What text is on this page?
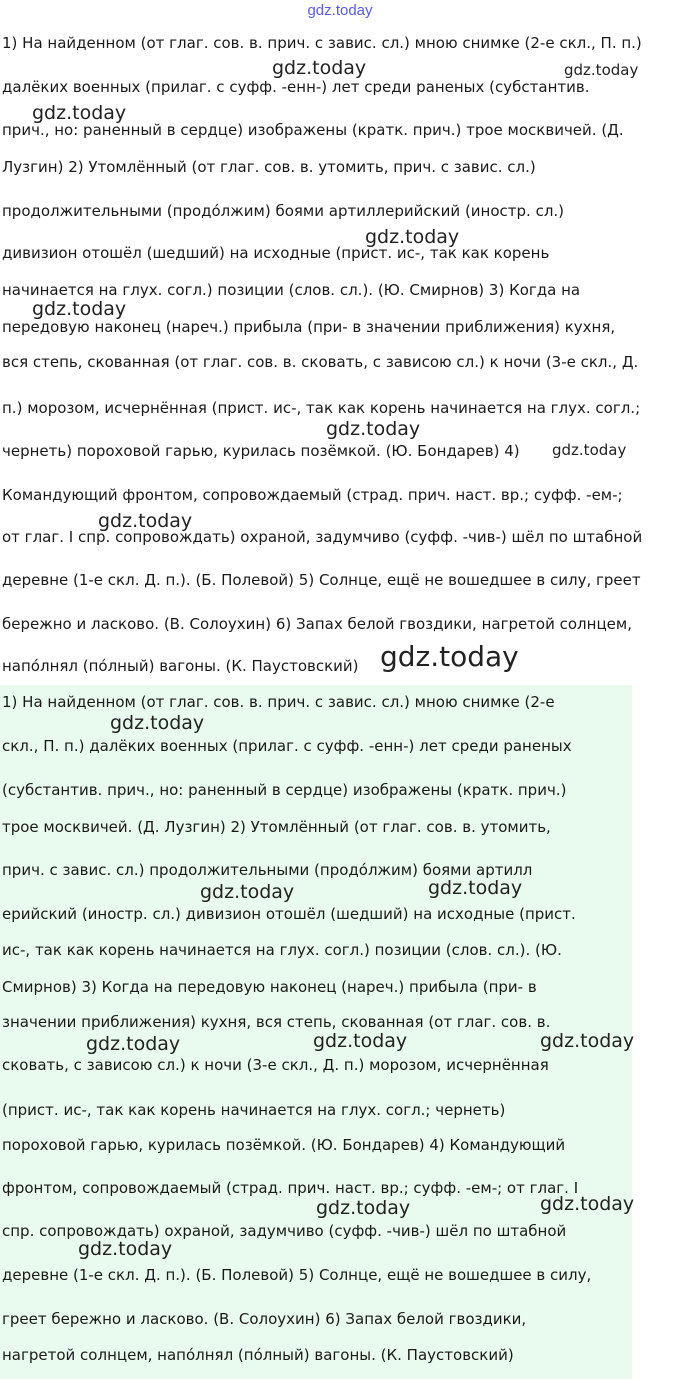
gdz.today
1) На найденном (от глаг. сов. в. прич. с завис. сл.) мною снимке (2-е скл., П. п.)
далёких военных (прилаг. с суфф. -енн-) лет среди раненых (субстантив.
прич., но: раненный в сердце) изображены (кратк. прич.) трое москвичей. (Д.
Лузгин) 2) Утомлённый (от глаг. сов. в. утомить, прич. с завис. сл.)
продолжительными (продо́лжим) боями артиллерийский (иностр. сл.)
дивизион отошёл (шедший) на исходные (прист. ис-, так как корень
начинается на глух. согл.) позиции (слов. сл.). (Ю. Смирнов) 3) Когда на
передовую наконец (нареч.) прибыла (при- в значении приближения) кухня,
вся степь, скованная (от глаг. сов. в. сковать, с зависою сл.) к ночи (3-е скл., Д.
п.) морозом, исчернённая (прист. ис-, так как корень начинается на глух. согл.;
чернеть) пороховой гарью, курилась позёмкой. (Ю. Бондарев) 4)
Командующий фронтом, сопровождаемый (страд. прич. наст. вр.; суфф. -ем-;
от глаг. I спр. сопровождать) охраной, задумчиво (суфф. -чив-) шёл по штабной
деревне (1-е скл. Д. п.). (Б. Полевой) 5) Солнце, ещё не вошедшее в силу, греет
бережно и ласково. (В. Солоухин) 6) Запах белой гвоздики, нагретой солнцем,
напо́лнял (по́лный) вагоны. (К. Паустовский)
gdz.today	gdz.today
gdz.today
gdz.today
gdz.today
gdz.today
gdz.today
gdz.today
gdz.today
1) На найденном (от глаг. сов. в. прич. с завис. сл.) мною снимке (2-е
скл., П. п.) далёких военных (прилаг. с суфф. -енн-) лет среди раненых
(субстантив. прич., но: раненный в сердце) изображены (кратк. прич.)
трое москвичей. (Д. Лузгин) 2) Утомлённый (от глаг. сов. в. утомить,
прич. с завис. сл.) продолжительными (продо́лжим) боями артилл
ерийский (иностр. сл.) дивизион отошёл (шедший) на исходные (прист.
ис-, так как корень начинается на глух. согл.) позиции (слов. сл.). (Ю.
Смирнов) 3) Когда на передовую наконец (нареч.) прибыла (при- в
значении приближения) кухня, вся степь, скованная (от глаг. сов. в.
сковать, с зависою сл.) к ночи (3-е скл., Д. п.) морозом, исчернённая
(прист. ис-, так как корень начинается на глух. согл.; чернеть)
пороховой гарью, курилась позёмкой. (Ю. Бондарев) 4) Командующий
фронтом, сопровождаемый (страд. прич. наст. вр.; суфф. -ем-; от глаг. I
спр. сопровождать) охраной, задумчиво (суфф. -чив-) шёл по штабной
деревне (1-е скл. Д. п.). (Б. Полевой) 5) Солнце, ещё не вошедшее в силу,
греет бережно и ласково. (В. Солоухин) 6) Запах белой гвоздики,
нагретой солнцем, напо́лнял (по́лный) вагоны. (К. Паустовский)
gdz.today
gdz.today	gdz.today
gdz.today	gdz.today	gdz.today
gdz.today	gdz.today
gdz.today
